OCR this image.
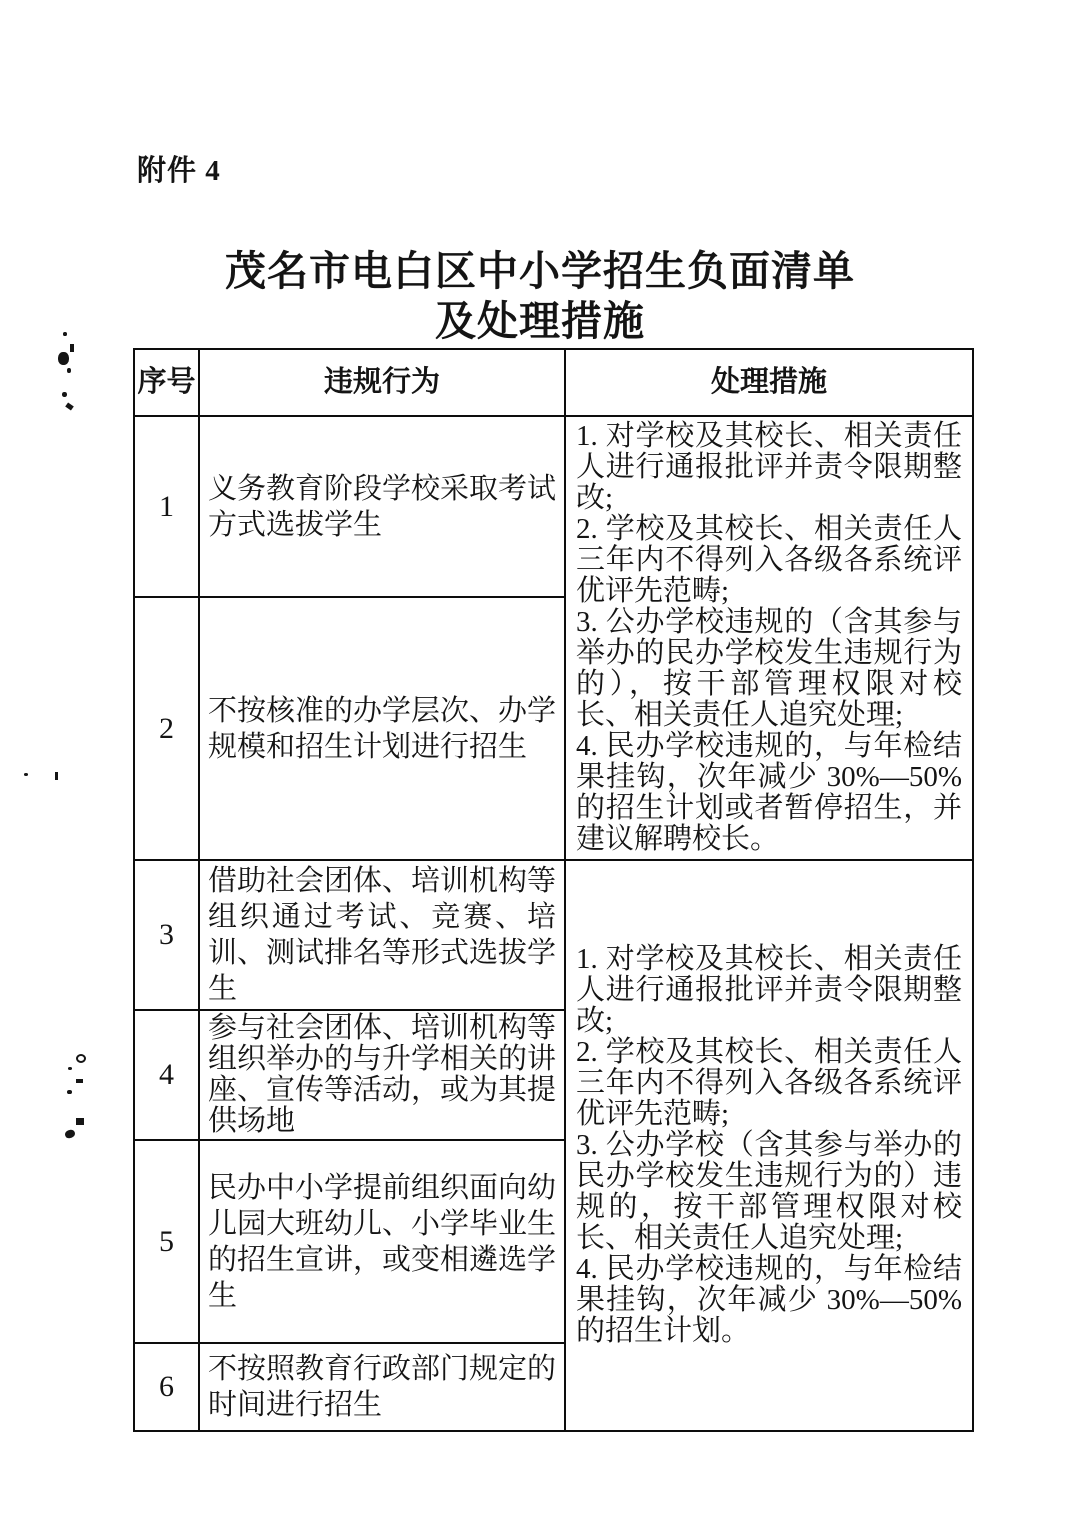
附件 4
茂名市电白区中小学招生负面清单
及处理措施
序号	违规行为	处理措施
1	义务教育阶段学校采取考试方式选拔学生	1. 对学校及其校长、相关责任人进行通报批评并责令限期整改;

2. 学校及其校长、相关责任人三年内不得列入各级各系统评优评先范畴;

3. 公办学校违规的（含其参与举办的民办学校发生违规行为的），按干部管理权限对校长、相关责任人追究处理;

4. 民办学校违规的，与年检结果挂钩，次年减少 30%—50%的招生计划或者暂停招生，并建议解聘校长。

2	不按核准的办学层次、办学规模和招生计划进行招生	
3	借助社会团体、培训机构等组织通过考试、竞赛、培训、测试排名等形式选拔学生	1. 对学校及其校长、相关责任人进行通报批评并责令限期整改;

2. 学校及其校长、相关责任人三年内不得列入各级各系统评优评先范畴;

3. 公办学校（含其参与举办的民办学校发生违规行为的）违规的，按干部管理权限对校长、相关责任人追究处理;

4. 民办学校违规的，与年检结果挂钩，次年减少 30%—50%的招生计划。

4	参与社会团体、培训机构等组织举办的与升学相关的讲座、宣传等活动，或为其提供场地	
5	民办中小学提前组织面向幼儿园大班幼儿、小学毕业生的招生宣讲，或变相遴选学生	
6	不按照教育行政部门规定的时间进行招生	
